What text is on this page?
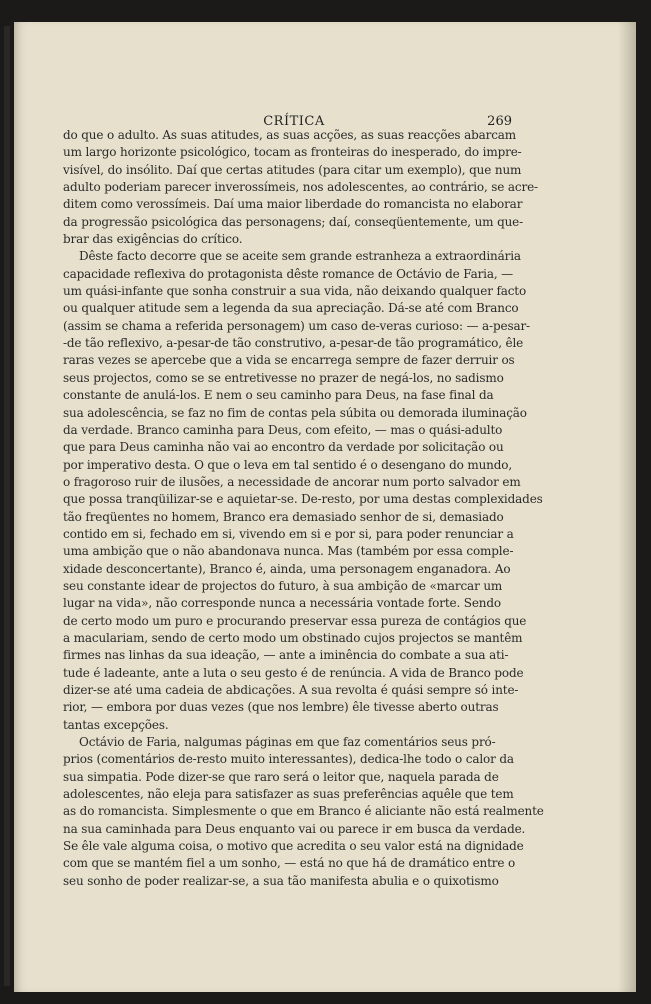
CRÍTICA	269
do que o adulto. As suas atitudes, as suas acções, as suas reacções abarcam
um largo horizonte psicológico, tocam as fronteiras do inesperado, do impre-
visível, do insólito. Daí que certas atitudes (para citar um exemplo), que num
adulto poderiam parecer inverossímeis, nos adolescentes, ao contrário, se acre-
ditem como verossímeis. Daí uma maior liberdade do romancista no elaborar
da progressão psicológica das personagens; daí, conseqüentemente, um que-
brar das exigências do crítico.
Dêste facto decorre que se aceite sem grande estranheza a extraordinária
capacidade reflexiva do protagonista dêste romance de Octávio de Faria, —
um quási-infante que sonha construir a sua vida, não deixando qualquer facto
ou qualquer atitude sem a legenda da sua apreciação. Dá-se até com Branco
(assim se chama a referida personagem) um caso de-veras curioso: — a-pesar-
-de tão reflexivo, a-pesar-de tão construtivo, a-pesar-de tão programático, êle
raras vezes se apercebe que a vida se encarrega sempre de fazer derruir os
seus projectos, como se se entretivesse no prazer de negá-los, no sadismo
constante de anulá-los. E nem o seu caminho para Deus, na fase final da
sua adolescência, se faz no fim de contas pela súbita ou demorada iluminação
da verdade. Branco caminha para Deus, com efeito, — mas o quási-adulto
que para Deus caminha não vai ao encontro da verdade por solicitação ou
por imperativo desta. O que o leva em tal sentido é o desengano do mundo,
o fragoroso ruir de ilusões, a necessidade de ancorar num porto salvador em
que possa tranqüilizar-se e aquietar-se. De-resto, por uma destas complexidades
tão freqüentes no homem, Branco era demasiado senhor de si, demasiado
contido em si, fechado em si, vivendo em si e por si, para poder renunciar a
uma ambição que o não abandonava nunca. Mas (também por essa comple-
xidade desconcertante), Branco é, ainda, uma personagem enganadora. Ao
seu constante idear de projectos do futuro, à sua ambição de «marcar um
lugar na vida», não corresponde nunca a necessária vontade forte. Sendo
de certo modo um puro e procurando preservar essa pureza de contágios que
a maculariam, sendo de certo modo um obstinado cujos projectos se mantêm
firmes nas linhas da sua ideação, — ante a iminência do combate a sua ati-
tude é ladeante, ante a luta o seu gesto é de renúncia. A vida de Branco pode
dizer-se até uma cadeia de abdicações. A sua revolta é quási sempre só inte-
rior, — embora por duas vezes (que nos lembre) êle tivesse aberto outras
tantas excepções.
Octávio de Faria, nalgumas páginas em que faz comentários seus pró-
prios (comentários de-resto muito interessantes), dedica-lhe todo o calor da
sua simpatia. Pode dizer-se que raro será o leitor que, naquela parada de
adolescentes, não eleja para satisfazer as suas preferências aquêle que tem
as do romancista. Simplesmente o que em Branco é aliciante não está realmente
na sua caminhada para Deus enquanto vai ou parece ir em busca da verdade.
Se êle vale alguma coisa, o motivo que acredita o seu valor está na dignidade
com que se mantém fiel a um sonho, — está no que há de dramático entre o
seu sonho de poder realizar-se, a sua tão manifesta abulia e o quixotismo
